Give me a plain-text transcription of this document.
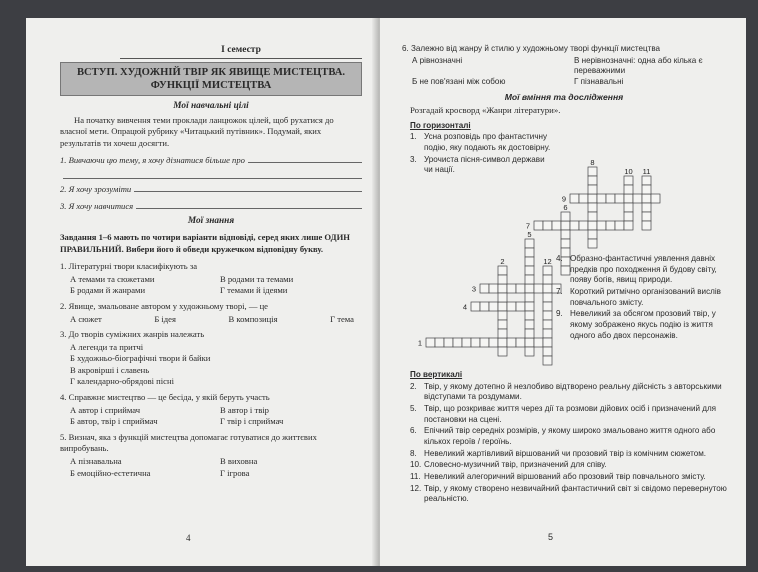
І семестр
ВСТУП. ХУДОЖНІЙ ТВІР ЯК ЯВИЩЕ МИСТЕЦТВА. ФУНКЦІЇ МИСТЕЦТВА
Мої навчальні цілі
На початку вивчення теми проклади ланцюжок цілей, щоб рухатися до власної мети. Опрацюй рубрику «Читацький путівник». Подумай, яких результатів ти хочеш досягти.
1. Вивчаючи цю тему, я хочу дізнатися більше про
2. Я хочу зрозуміти
3. Я хочу навчитися
Мої знання
Завдання 1–6 мають по чотири варіанти відповіді, серед яких лише ОДИН ПРАВИЛЬНИЙ. Вибери його й обведи кружечком відповідну букву.
1. Літературні твори класифікують за
А темами та сюжетами	В родами та темами
Б родами й жанрами	Г темами й ідеями
2. Явище, змальоване автором у художньому творі, — це
А сюжет	Б ідея	В композиція	Г тема
3. До творів суміжних жанрів належать
А легенди та притчі
Б художньо-біографічні твори й байки
В акровірші і славень
Г календарно-обрядові пісні
4. Справжнє мистецтво — це бесіда, у якій беруть участь
А автор і сприймач	В автор і твір
Б автор, твір і сприймач	Г твір і сприймач
5. Визнач, яка з функцій мистецтва допомагає готуватися до життєвих випробувань.
А пізнавальна	В виховна
Б емоційно-естетична	Г ігрова
4
6. Залежно від жанру й стилю у художньому творі функції мистецтва
А рівнозначні	В нерівнозначні: одна або кілька є переважними
Б не пов'язані між собою	Г пізнавальні
Мої вміння та дослідження
Розгадай кросворд «Жанри літератури».
По горизонталі
1. Усна розповідь про фантастичну подію, яку подають як достовірну.
3. Урочиста пісня-символ держави чи нації.
8
10 11
9
6
7
5
2	12
3
4
1
4. Образно-фантастичні уявлення давніх предків про походження й будову світу, появу богів, явищ природи.
7. Короткий ритмічно організований вислів повчального змісту.
9. Невеликий за обсягом прозовий твір, у якому зображено якусь подію із життя одного або двох персонажів.
По вертикалі
2. Твір, у якому дотепно й незлобиво відтворено реальну дійсність з авторськими відступами та роздумами.
5. Твір, що розкриває життя через дії та розмови дійових осіб і призначений для постановки на сцені.
6. Епічний твір середніх розмірів, у якому широко змальовано життя одного або кількох героїв / героїнь.
8. Невеликий жартівливий віршований чи прозовий твір із комічним сюжетом.
10. Словесно-музичний твір, призначений для співу.
11. Невеликий алегоричний віршований або прозовий твір повчального змісту.
12. Твір, у якому створено незвичайний фантастичний світ зі свідомо перевернутою реальністю.
5
